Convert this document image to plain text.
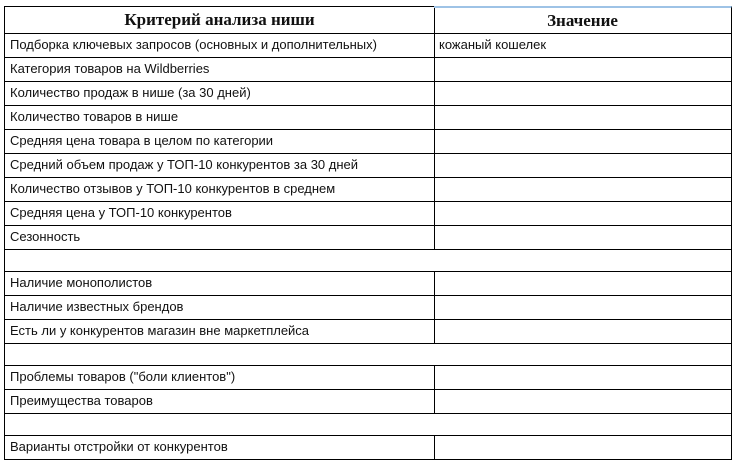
Критерий анализа ниши	Значение
Подборка ключевых запросов (основных и дополнительных)	кожаный кошелек
Категория товаров на Wildberries
Количество продаж в нише (за 30 дней)
Количество товаров в нише
Средняя цена товара в целом по категории
Средний объем продаж у ТОП-10 конкурентов за 30 дней
Количество отзывов у ТОП-10 конкурентов в среднем
Средняя цена у ТОП-10 конкурентов
Сезонность
Наличие монополистов
Наличие известных брендов
Есть ли у конкурентов магазин вне маркетплейса
Проблемы товаров ("боли клиентов")
Преимущества товаров
Варианты отстройки от конкурентов
